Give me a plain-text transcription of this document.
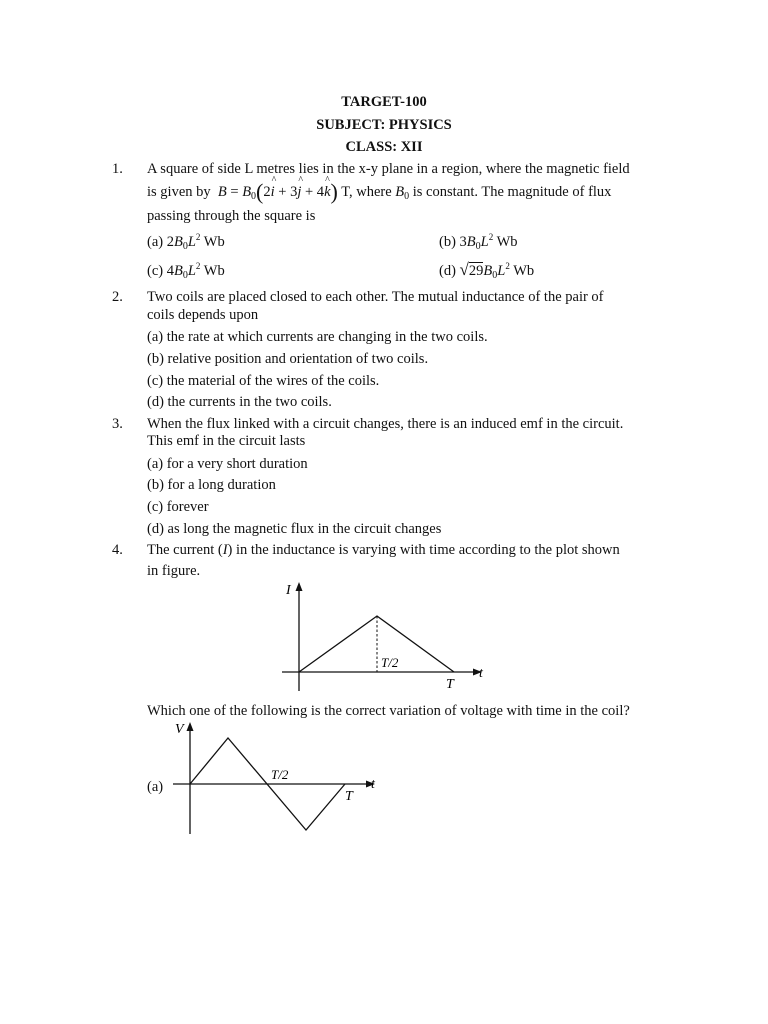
TARGET-100
SUBJECT: PHYSICS
CLASS: XII
1. A square of side L metres lies in the x-y plane in a region, where the magnetic field
is given by $B = B_0(2i$ ^ + 3j ^ + 4k ^) T, where $B_0$ is constant. The magnitude of flux
passing through the square is
(a) $2B_0L^2$ Wb	(b) $3B_0L^2$ Wb
(c) $4B_0L^2$ Wb	(d) $√29B_0L^2$ Wb
2. Two coils are placed closed to each other. The mutual inductance of the pair of
coils depends upon
(a) the rate at which currents are changing in the two coils.
(b) relative position and orientation of two coils.
(c) the material of the wires of the coils.
(d) the currents in the two coils.
3. When the flux linked with a circuit changes, there is an induced emf in the circuit.
This emf in the circuit lasts
(a) for a very short duration
(b) for a long duration
(c) forever
(d) as long the magnetic flux in the circuit changes
4. The current (I) in the inductance is varying with time according to the plot shown
in figure.
I
t
T/2
T
Which one of the following is the correct variation of voltage with time in the coil?
(a)
V
t
T/2
T
